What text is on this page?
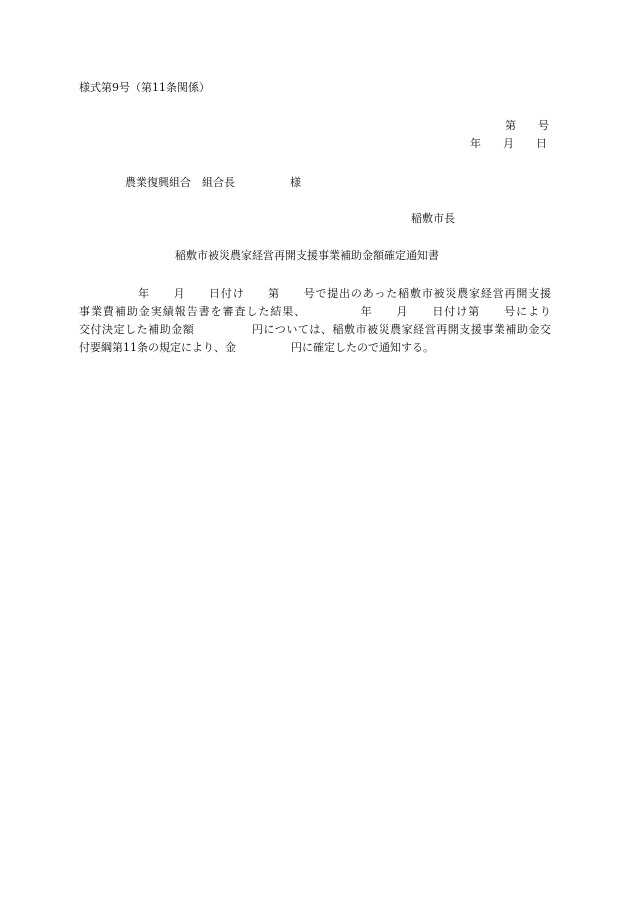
様式第9号（第11条関係）
第　　号
年　　月　　日
農業復興組合　組合長　　　　　様
稲敷市長
稲敷市被災農家経営再開支援事業補助金額確定通知書
　　　　　年　　月　　日付け　　第　　号で提出のあった稲敷市被災農家経営再開支援
事業費補助金実績報告書を審査した結果、　　　　　年　　月　　日付け第　　号により
交付決定した補助金額　　　　　円については、稲敷市被災農家経営再開支援事業補助金交
付要綱第11条の規定により、金　　　　　円に確定したので通知する。
